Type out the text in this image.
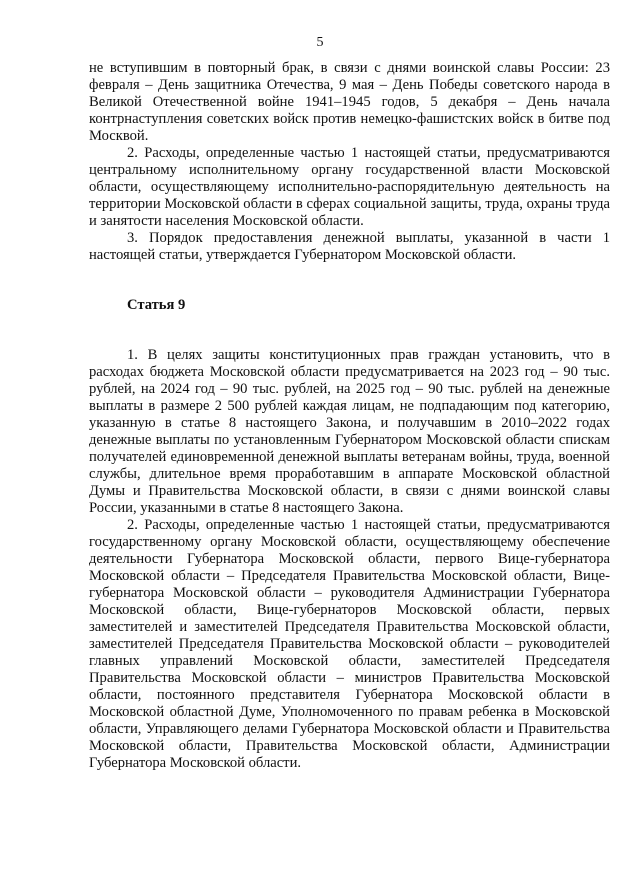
5

не вступившим в повторный брак, в связи с днями воинской славы России: 23 февраля – День защитника Отечества, 9 мая – День Победы советского народа в Великой Отечественной войне 1941–1945 годов, 5 декабря – День начала контрнаступления советских войск против немецко-фашистских войск в битве под Москвой.

2. Расходы, определенные частью 1 настоящей статьи, предусматриваются центральному исполнительному органу государственной власти Московской области, осуществляющему исполнительно-распорядительную деятельность на территории Московской области в сферах социальной защиты, труда, охраны труда и занятости населения Московской области.

3. Порядок предоставления денежной выплаты, указанной в части 1 настоящей статьи, утверждается Губернатором Московской области.

Статья 9

1. В целях защиты конституционных прав граждан установить, что в расходах бюджета Московской области предусматривается на 2023 год – 90 тыс. рублей, на 2024 год – 90 тыс. рублей, на 2025 год – 90 тыс. рублей на денежные выплаты в размере 2 500 рублей каждая лицам, не подпадающим под категорию, указанную в статье 8 настоящего Закона, и получавшим в 2010–2022 годах денежные выплаты по установленным Губернатором Московской области спискам получателей единовременной денежной выплаты ветеранам войны, труда, военной службы, длительное время проработавшим в аппарате Московской областной Думы и Правительства Московской области, в связи с днями воинской славы России, указанными в статье 8 настоящего Закона.

2. Расходы, определенные частью 1 настоящей статьи, предусматриваются государственному органу Московской области, осуществляющему обеспечение деятельности Губернатора Московской области, первого Вице-губернатора Московской области – Председателя Правительства Московской области, Вице-губернатора Московской области – руководителя Администрации Губернатора Московской области, Вице-губернаторов Московской области, первых заместителей и заместителей Председателя Правительства Московской области, заместителей Председателя Правительства Московской области – руководителей главных управлений Московской области, заместителей Председателя Правительства Московской области – министров Правительства Московской области, постоянного представителя Губернатора Московской области в Московской областной Думе, Уполномоченного по правам ребенка в Московской области, Управляющего делами Губернатора Московской области и Правительства Московской области, Правительства Московской области, Администрации Губернатора Московской области.
